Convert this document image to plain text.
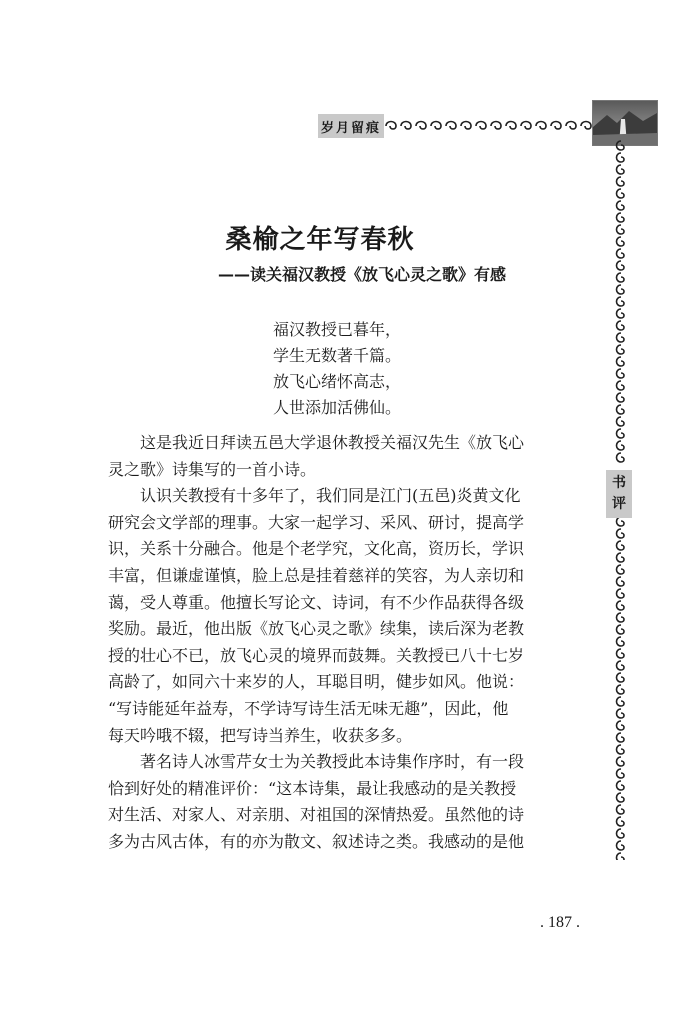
岁月留痕
书
评
桑榆之年写春秋
——读关福汉教授《放飞心灵之歌》有感
福汉教授已暮年，
学生无数著千篇。
放飞心绪怀高志，
人世添加活佛仙。

这是我近日拜读五邑大学退休教授关福汉先生《放飞心

灵之歌》诗集写的一首小诗。

认识关教授有十多年了，我们同是江门(五邑)炎黄文化

研究会文学部的理事。大家一起学习、采风、研讨，提高学

识，关系十分融合。他是个老学究，文化高，资历长，学识

丰富，但谦虚谨慎，脸上总是挂着慈祥的笑容，为人亲切和

蔼，受人尊重。他擅长写论文、诗词，有不少作品获得各级

奖励。最近，他出版《放飞心灵之歌》续集，读后深为老教

授的壮心不已，放飞心灵的境界而鼓舞。关教授已八十七岁

高龄了，如同六十来岁的人，耳聪目明，健步如风。他说：

“写诗能延年益寿，不学诗写诗生活无味无趣”，因此，他

每天吟哦不辍，把写诗当养生，收获多多。

著名诗人冰雪芹女士为关教授此本诗集作序时，有一段

恰到好处的精准评价：“这本诗集，最让我感动的是关教授

对生活、对家人、对亲朋、对祖国的深情热爱。虽然他的诗

多为古风古体，有的亦为散文、叙述诗之类。我感动的是他

. 187 .
